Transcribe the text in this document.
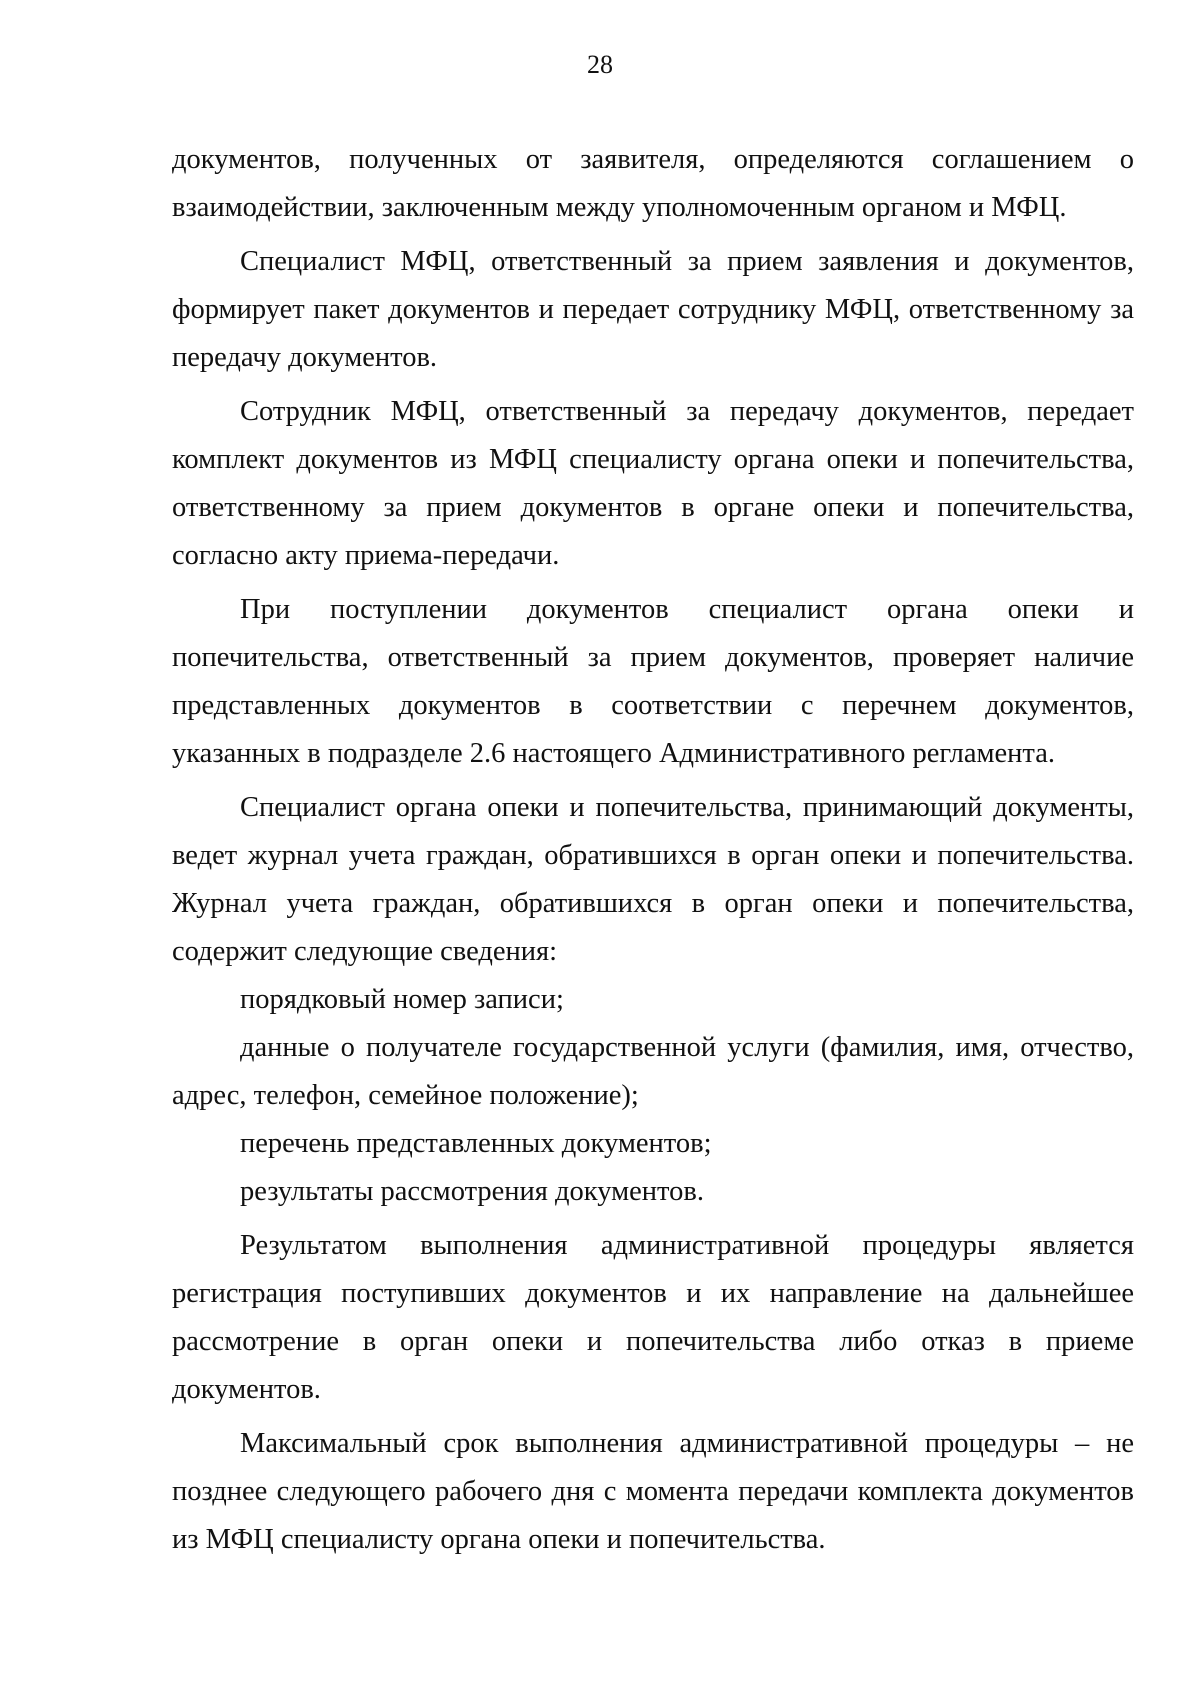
28

документов, полученных от заявителя, определяются соглашением о взаимодействии, заключенным между уполномоченным органом и МФЦ.

Специалист МФЦ, ответственный за прием заявления и документов, формирует пакет документов и передает сотруднику МФЦ, ответственному за передачу документов.

Сотрудник МФЦ, ответственный за передачу документов, передает комплект документов из МФЦ специалисту органа опеки и попечительства, ответственному за прием документов в органе опеки и попечительства, согласно акту приема-передачи.

При поступлении документов специалист органа опеки и попечительства, ответственный за прием документов, проверяет наличие представленных документов в соответствии с перечнем документов, указанных в подразделе 2.6 настоящего Административного регламента.

Специалист органа опеки и попечительства, принимающий документы, ведет журнал учета граждан, обратившихся в орган опеки и попечительства. Журнал учета граждан, обратившихся в орган опеки и попечительства, содержит следующие сведения:

порядковый номер записи;

данные о получателе государственной услуги (фамилия, имя, отчество, адрес, телефон, семейное положение);

перечень представленных документов;

результаты рассмотрения документов.

Результатом выполнения административной процедуры является регистрация поступивших документов и их направление на дальнейшее рассмотрение в орган опеки и попечительства либо отказ в приеме документов.

Максимальный срок выполнения административной процедуры – не позднее следующего рабочего дня с момента передачи комплекта документов из МФЦ специалисту органа опеки и попечительства.
